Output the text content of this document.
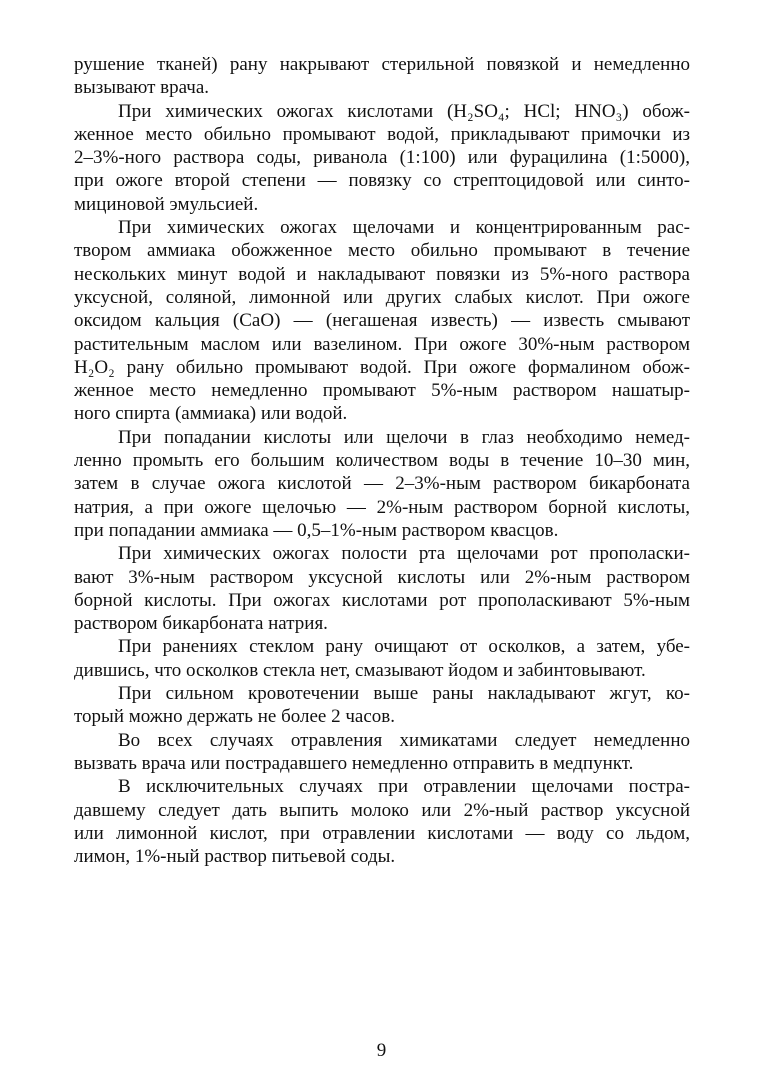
рушение тканей) рану накрывают стерильной повязкой и немедленно
вызывают врача.
При химических ожогах кислотами (H₂SO₄; HCl; HNO₃) обож-
женное место обильно промывают водой, прикладывают примочки из
2–3%-ного раствора соды, риванола (1:100) или фурацилина (1:5000),
при ожоге второй степени — повязку со стрептоцидовой или синто-
мициновой эмульсией.
При химических ожогах щелочами и концентрированным рас-
твором аммиака обожженное место обильно промывают в течение
нескольких минут водой и накладывают повязки из 5%-ного раствора
уксусной, соляной, лимонной или других слабых кислот. При ожоге
оксидом кальция (CaO) — (негашеная известь) — известь смывают
растительным маслом или вазелином. При ожоге 30%-ным раствором
H₂O₂ рану обильно промывают водой. При ожоге формалином обож-
женное место немедленно промывают 5%-ным раствором нашатыр-
ного спирта (аммиака) или водой.
При попадании кислоты или щелочи в глаз необходимо немед-
ленно промыть его большим количеством воды в течение 10–30 мин,
затем в случае ожога кислотой — 2–3%-ным раствором бикарбоната
натрия, а при ожоге щелочью — 2%-ным раствором борной кислоты,
при попадании аммиака — 0,5–1%-ным раствором квасцов.
При химических ожогах полости рта щелочами рот прополаски-
вают 3%-ным раствором уксусной кислоты или 2%-ным раствором
борной кислоты. При ожогах кислотами рот прополаскивают 5%-ным
раствором бикарбоната натрия.
При ранениях стеклом рану очищают от осколков, а затем, убе-
дившись, что осколков стекла нет, смазывают йодом и забинтовывают.
При сильном кровотечении выше раны накладывают жгут, ко-
торый можно держать не более 2 часов.
Во всех случаях отравления химикатами следует немедленно
вызвать врача или пострадавшего немедленно отправить в медпункт.
В исключительных случаях при отравлении щелочами постра-
давшему следует дать выпить молоко или 2%-ный раствор уксусной
или лимонной кислот, при отравлении кислотами — воду со льдом,
лимон, 1%-ный раствор питьевой соды.
9
